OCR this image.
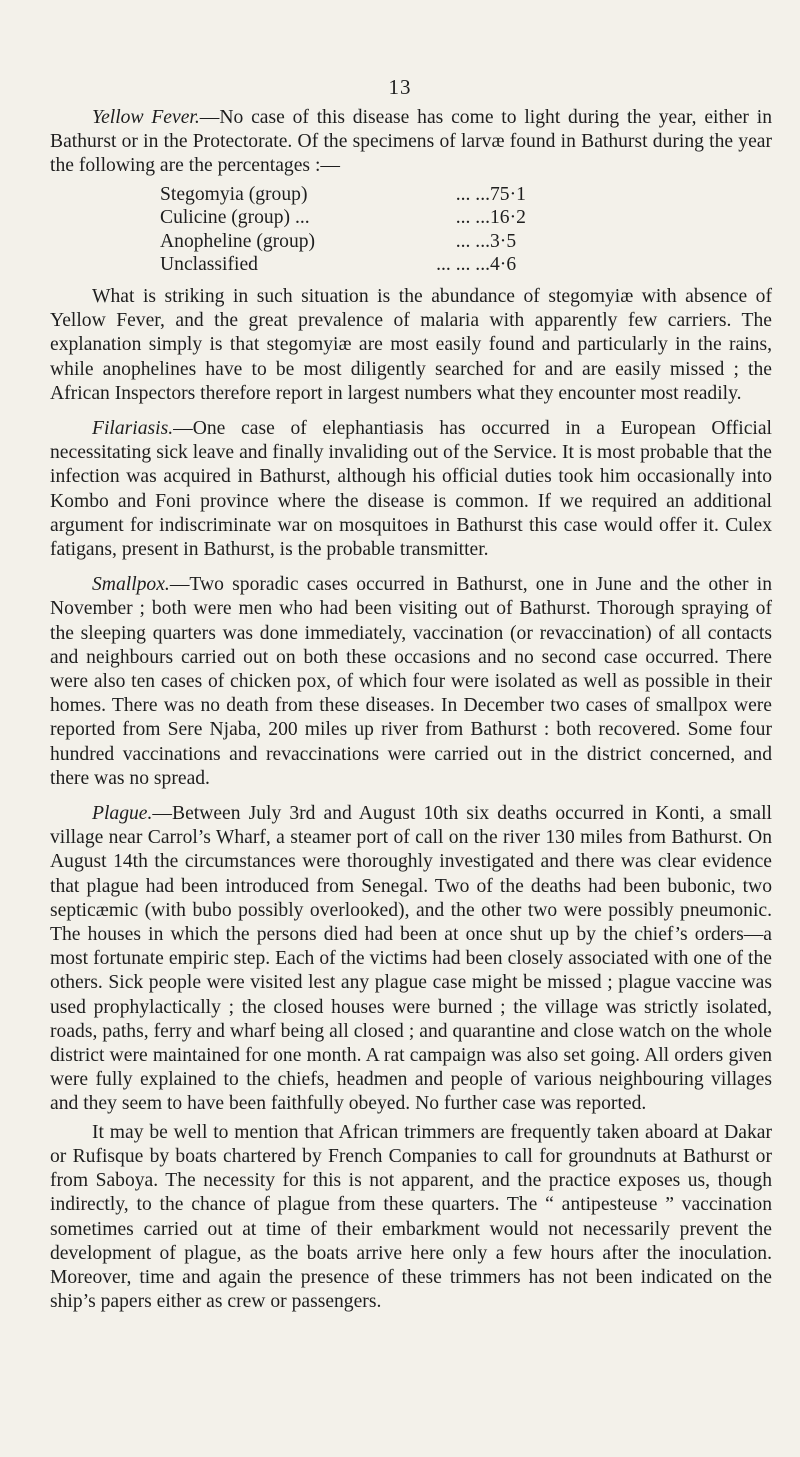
13

Yellow Fever.—No case of this disease has come to light during the year, either in Bathurst or in the Protectorate. Of the specimens of larvæ found in Bathurst during the year the following are the percentages :—

Stegomyia (group)	... ...	75·1
Culicine (group) ...	... ...	16·2
Anopheline (group)	... ...	3·5
Unclassified	... ... ...	4·6

What is striking in such situation is the abundance of stegomyiæ with absence of Yellow Fever, and the great prevalence of malaria with apparently few carriers. The explanation simply is that stegomyiæ are most easily found and particularly in the rains, while anophelines have to be most diligently searched for and are easily missed ; the African Inspectors therefore report in largest numbers what they encounter most readily.

Filariasis.—One case of elephantiasis has occurred in a European Official necessitating sick leave and finally invaliding out of the Service. It is most probable that the infection was acquired in Bathurst, although his official duties took him occasionally into Kombo and Foni province where the disease is common. If we required an additional argument for indiscriminate war on mosquitoes in Bathurst this case would offer it. Culex fatigans, present in Bathurst, is the probable transmitter.

Smallpox.—Two sporadic cases occurred in Bathurst, one in June and the other in November ; both were men who had been visiting out of Bathurst. Thorough spraying of the sleeping quarters was done immediately, vaccination (or revaccination) of all contacts and neighbours carried out on both these occasions and no second case occurred. There were also ten cases of chicken pox, of which four were isolated as well as possible in their homes. There was no death from these diseases. In December two cases of smallpox were reported from Sere Njaba, 200 miles up river from Bathurst : both recovered. Some four hundred vaccinations and revaccinations were carried out in the district concerned, and there was no spread.

Plague.—Between July 3rd and August 10th six deaths occurred in Konti, a small village near Carrol’s Wharf, a steamer port of call on the river 130 miles from Bathurst. On August 14th the circumstances were thoroughly investigated and there was clear evidence that plague had been introduced from Senegal. Two of the deaths had been bubonic, two septicæmic (with bubo possibly overlooked), and the other two were possibly pneumonic. The houses in which the persons died had been at once shut up by the chief’s orders—a most fortunate empiric step. Each of the victims had been closely associated with one of the others. Sick people were visited lest any plague case might be missed ; plague vaccine was used prophylactically ; the closed houses were burned ; the village was strictly isolated, roads, paths, ferry and wharf being all closed ; and quarantine and close watch on the whole district were maintained for one month. A rat campaign was also set going. All orders given were fully explained to the chiefs, headmen and people of various neighbouring villages and they seem to have been faithfully obeyed. No further case was reported.

It may be well to mention that African trimmers are frequently taken aboard at Dakar or Rufisque by boats chartered by French Companies to call for groundnuts at Bathurst or from Saboya. The necessity for this is not apparent, and the practice exposes us, though indirectly, to the chance of plague from these quarters. The “ antipesteuse ” vaccination sometimes carried out at time of their embarkment would not necessarily prevent the development of plague, as the boats arrive here only a few hours after the inoculation. Moreover, time and again the presence of these trimmers has not been indicated on the ship’s papers either as crew or passengers.
